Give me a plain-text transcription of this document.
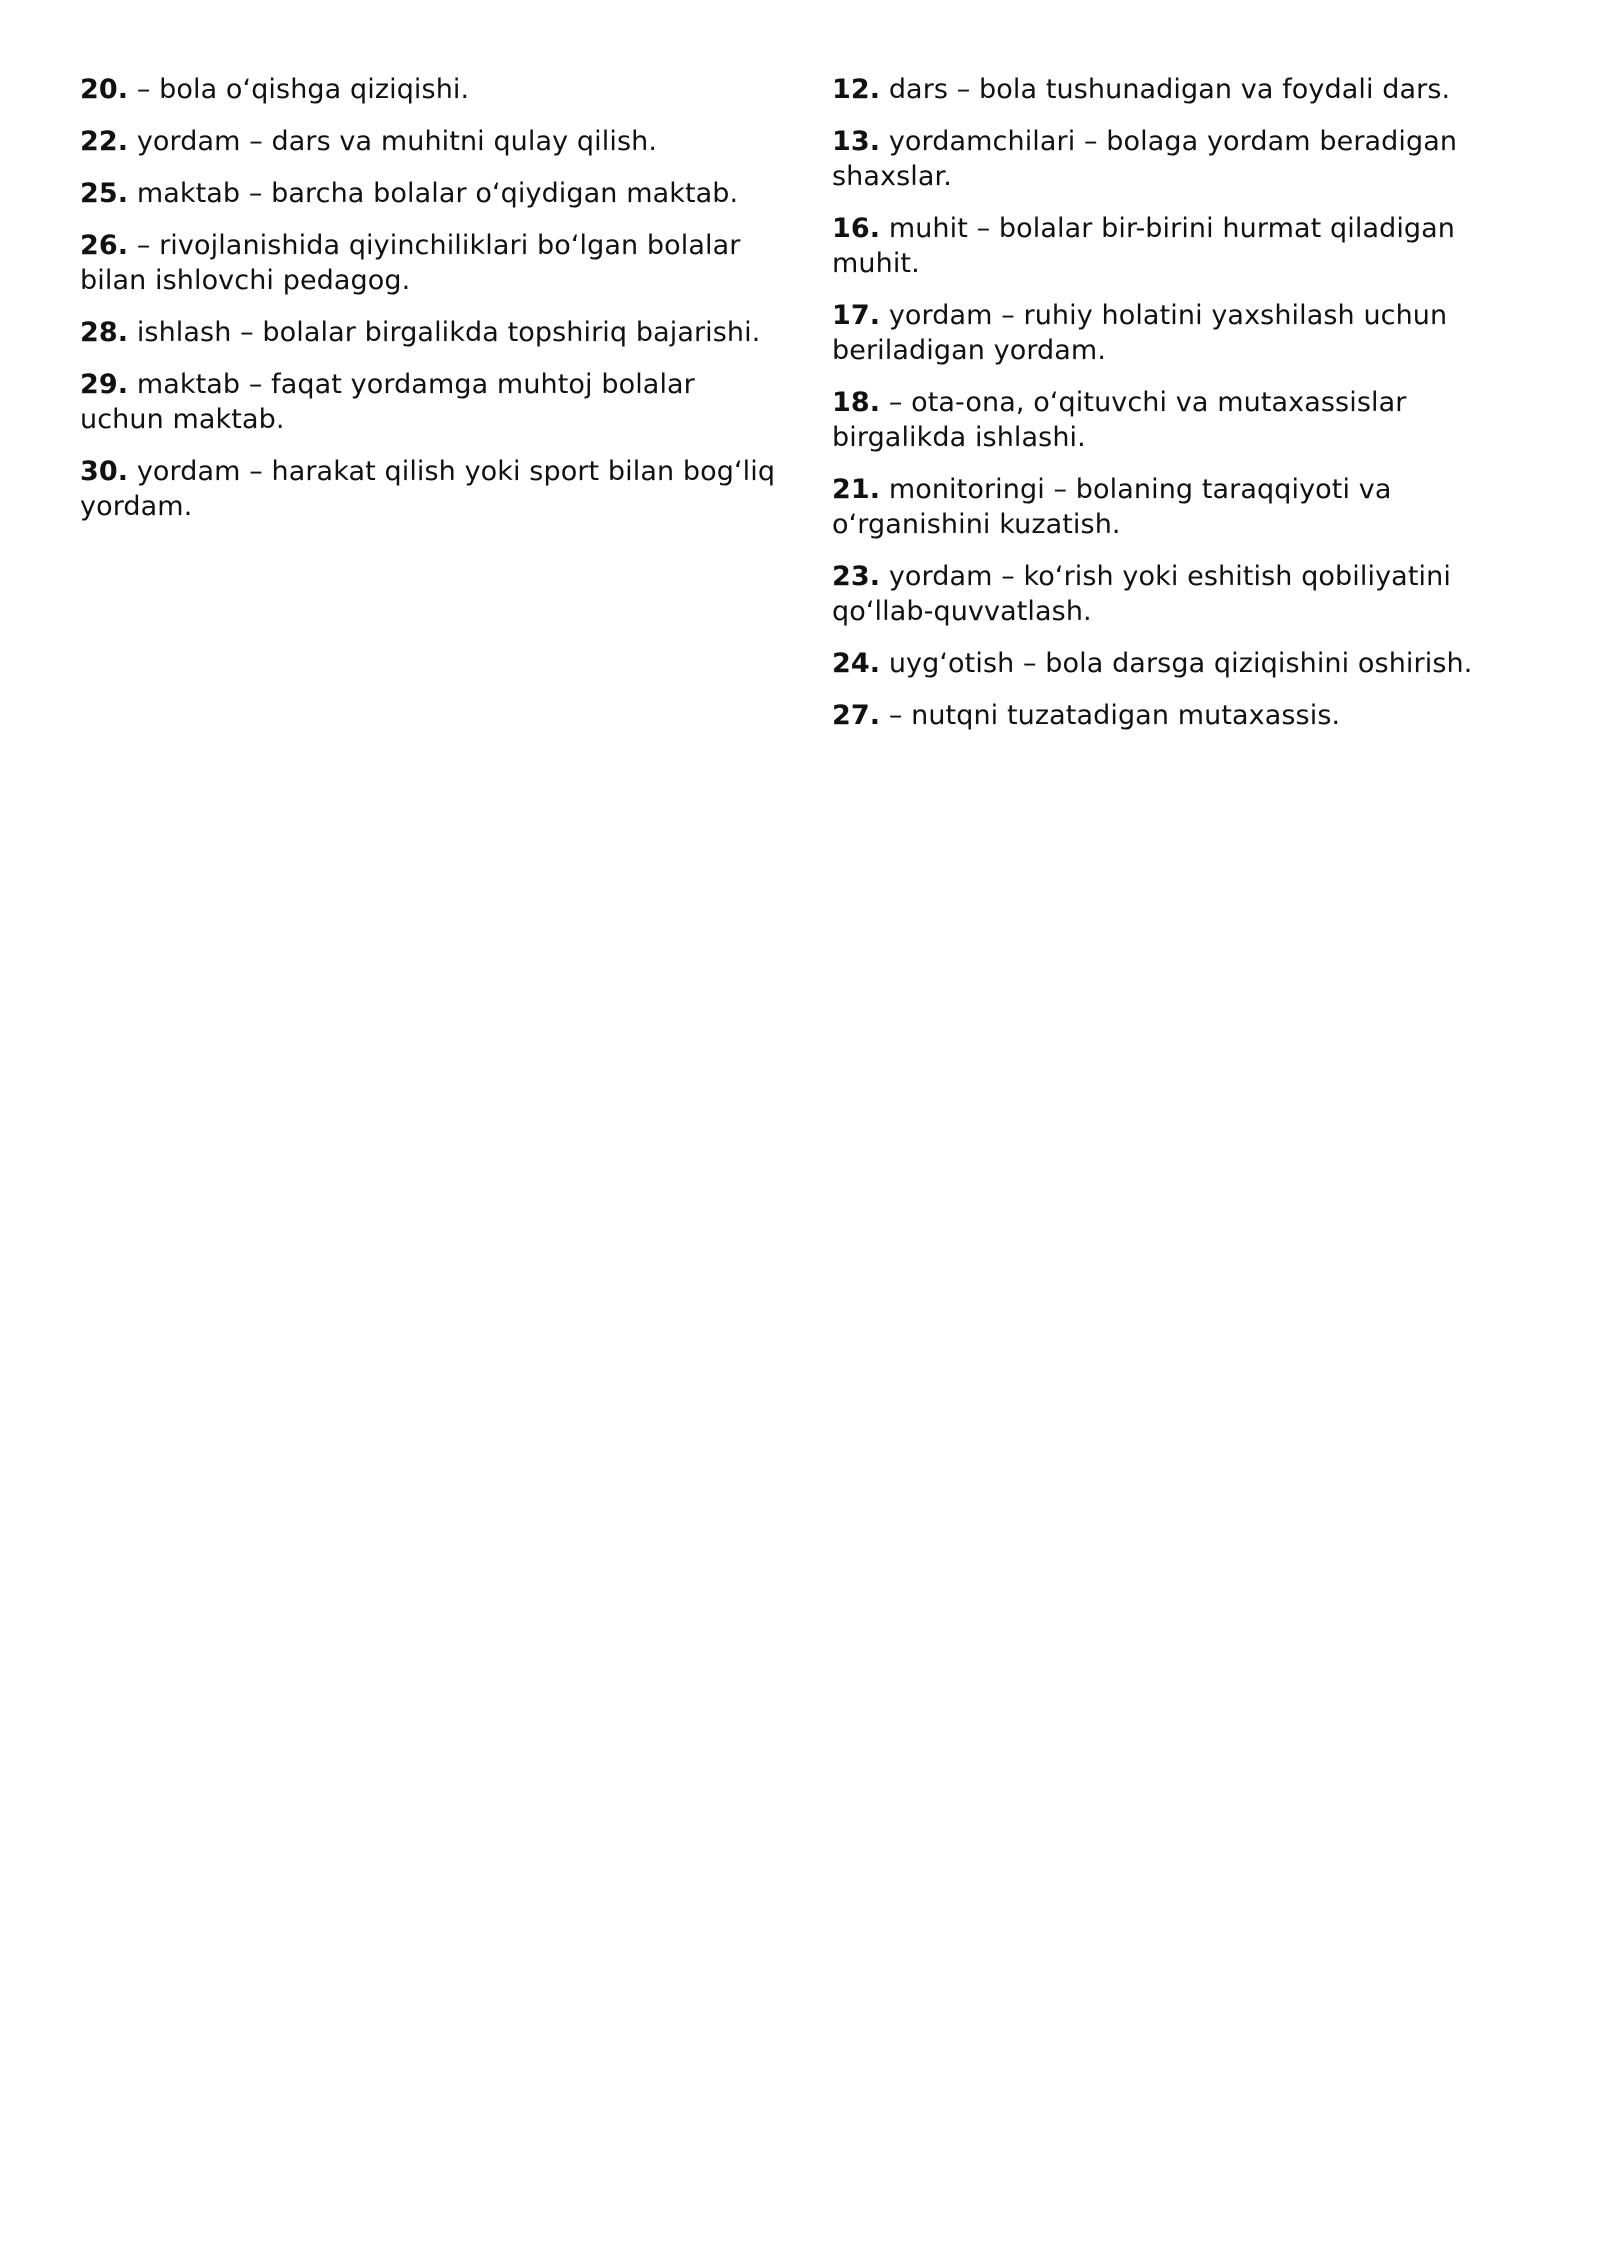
20. – bola o‘qishga qiziqishi.

22. yordam – dars va muhitni qulay qilish.

25. maktab – barcha bolalar o‘qiydigan maktab.

26. – rivojlanishida qiyinchiliklari bo‘lgan bolalar bilan ishlovchi pedagog.

28. ishlash – bolalar birgalikda topshiriq bajarishi.

29. maktab – faqat yordamga muhtoj bolalar uchun maktab.

30. yordam – harakat qilish yoki sport bilan bog‘liq yordam.

12. dars – bola tushunadigan va foydali dars.

13. yordamchilari – bolaga yordam beradigan shaxslar.

16. muhit – bolalar bir-birini hurmat qiladigan muhit.

17. yordam – ruhiy holatini yaxshilash uchun beriladigan yordam.

18. – ota-ona, o‘qituvchi va mutaxassislar birgalikda ishlashi.

21. monitoringi – bolaning taraqqiyoti va o‘rganishini kuzatish.

23. yordam – ko‘rish yoki eshitish qobiliyatini qo‘llab-quvvatlash.

24. uyg‘otish – bola darsga qiziqishini oshirish.

27. – nutqni tuzatadigan mutaxassis.
